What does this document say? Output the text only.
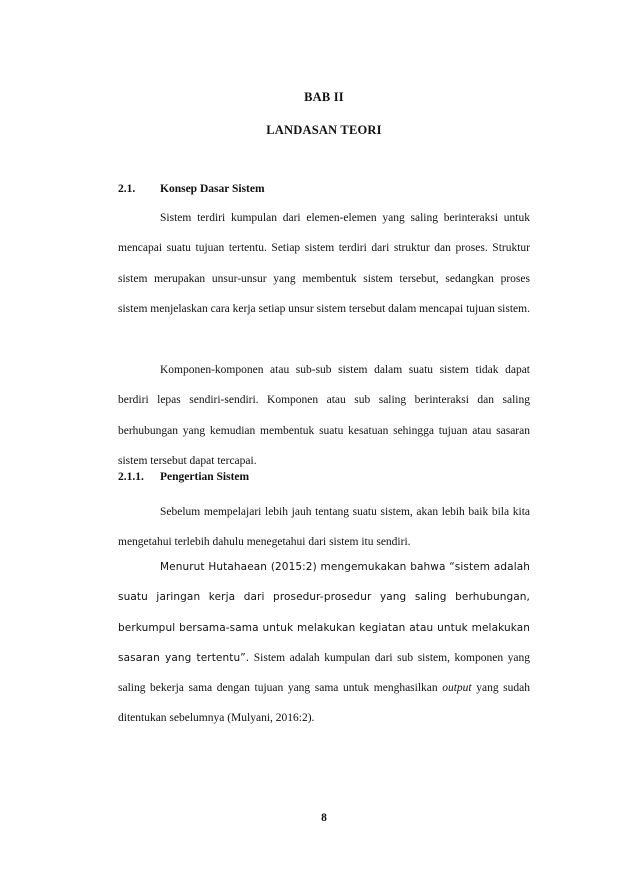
BAB II
LANDASAN TEORI
2.1. Konsep Dasar Sistem

Sistem terdiri kumpulan dari elemen-elemen yang saling berinteraksi untuk mencapai suatu tujuan tertentu. Setiap sistem terdiri dari struktur dan proses. Struktur sistem merupakan unsur-unsur yang membentuk sistem tersebut, sedangkan proses sistem menjelaskan cara kerja setiap unsur sistem tersebut dalam mencapai tujuan sistem.

Komponen-komponen atau sub-sub sistem dalam suatu sistem tidak dapat berdiri lepas sendiri-sendiri. Komponen atau sub saling berinteraksi dan saling berhubungan yang kemudian membentuk suatu kesatuan sehingga tujuan atau sasaran sistem tersebut dapat tercapai.

2.1.1. Pengertian Sistem

Sebelum mempelajari lebih jauh tentang suatu sistem, akan lebih baik bila kita mengetahui terlebih dahulu menegetahui dari sistem itu sendiri.

Menurut Hutahaean (2015:2) mengemukakan bahwa “sistem adalah suatu jaringan kerja dari prosedur-prosedur yang saling berhubungan, berkumpul bersama-sama untuk melakukan kegiatan atau untuk melakukan sasaran yang tertentu”. Sistem adalah kumpulan dari sub sistem, komponen yang saling bekerja sama dengan tujuan yang sama untuk menghasilkan output yang sudah ditentukan sebelumnya (Mulyani, 2016:2).

8
